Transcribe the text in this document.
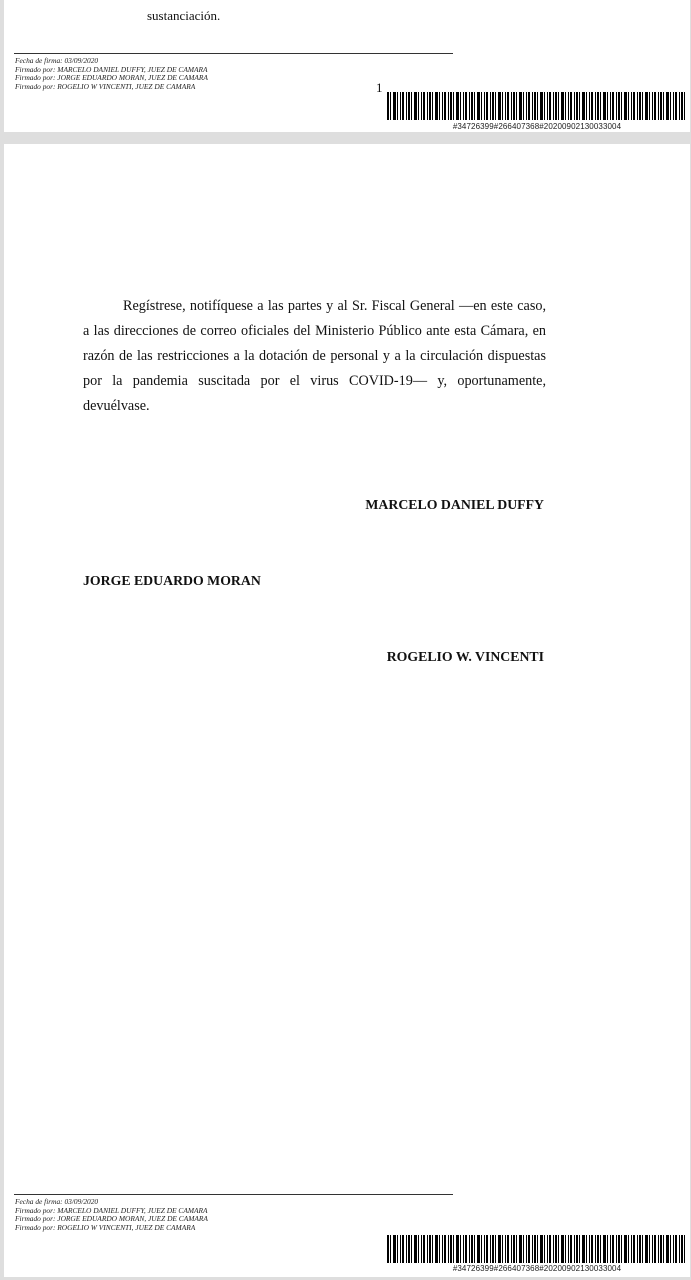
sustanciación.
Fecha de firma: 03/09/2020
Firmado por: MARCELO DANIEL DUFFY, JUEZ DE CAMARA
Firmado por: JORGE EDUARDO MORAN, JUEZ DE CAMARA
Firmado por: ROGELIO W VINCENTI, JUEZ DE CAMARA	1
#34726399#266407368#20200902130033004

Regístrese, notifíquese a las partes y al Sr. Fiscal General —en este caso, a las direcciones de correo oficiales del Ministerio Público ante esta Cámara, en razón de las restricciones a la dotación de personal y a la circulación dispuestas por la pandemia suscitada por el virus COVID-19— y, oportunamente, devuélvase.

MARCELO DANIEL DUFFY
JORGE EDUARDO MORAN
ROGELIO W. VINCENTI
Fecha de firma: 03/09/2020
Firmado por: MARCELO DANIEL DUFFY, JUEZ DE CAMARA
Firmado por: JORGE EDUARDO MORAN, JUEZ DE CAMARA
Firmado por: ROGELIO W VINCENTI, JUEZ DE CAMARA
#34726399#266407368#20200902130033004
